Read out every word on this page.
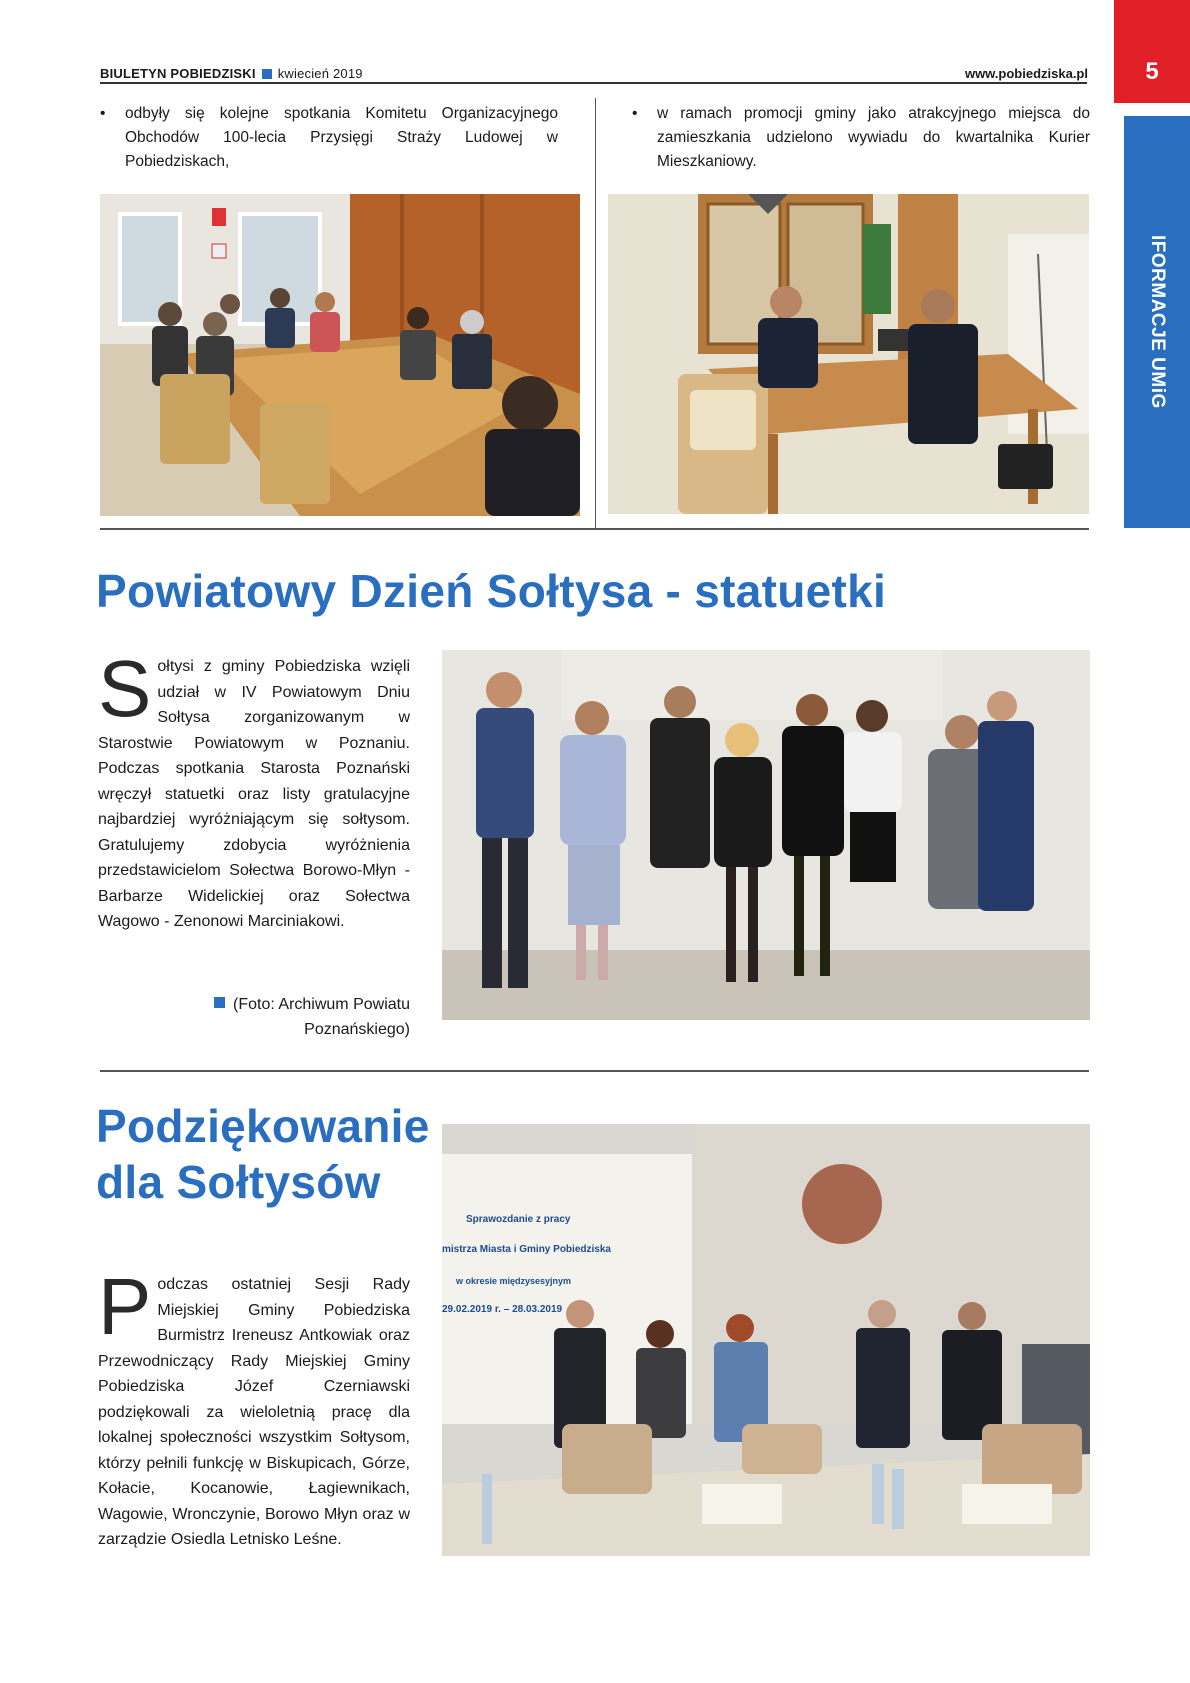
BIULETYN POBIEDZISKI kwiecień 2019	www.pobiedziska.pl	5
IFORMACJE UMiG
•	odbyły się kolejne spotkania Komitetu Organizacyjnego Obchodów 100-lecia Przysięgi Straży Ludowej w Pobiedziskach,
•	w ramach promocji gminy jako atrakcyjnego miejsca do zamieszkania udzielono wywiadu do kwartalnika Kurier Mieszkaniowy.
Powiatowy Dzień Sołtysa - statuetki
Sołtysi z gminy Pobiedziska wzięli udział w IV Powiatowym Dniu Sołtysa zorganizowanym w Starostwie Powiatowym w Poznaniu. Podczas spotkania Starosta Poznański wręczył statuetki oraz listy gratulacyjne najbardziej wyróżniającym się sołtysom. Gratulujemy zdobycia wyróżnienia przedstawicielom Sołectwa Borowo-Młyn - Barbarze Widelickiej oraz Sołectwa Wagowo - Zenonowi Marciniakowi.
(Foto: Archiwum Powiatu
Poznańskiego)
Podziękowanie
dla Sołtysów
Podczas ostatniej Sesji Rady Miejskiej Gminy Pobiedziska Burmistrz Ireneusz Antkowiak oraz Przewodniczący Rady Miejskiej Gminy Pobiedziska Józef Czerniawski podziękowali za wieloletnią pracę dla lokalnej społeczności wszystkim Sołtysom, którzy pełnili funkcję w Biskupicach, Górze, Kołacie, Kocanowie, Łagiewnikach, Wagowie, Wronczynie, Borowo Młyn oraz w zarządzie Osiedla Letnisko Leśne.
Sprawozdanie z pracy
mistrza Miasta i Gminy Pobiedziska
w okresie międzysesyjnym
29.02.2019 r. – 28.03.2019
